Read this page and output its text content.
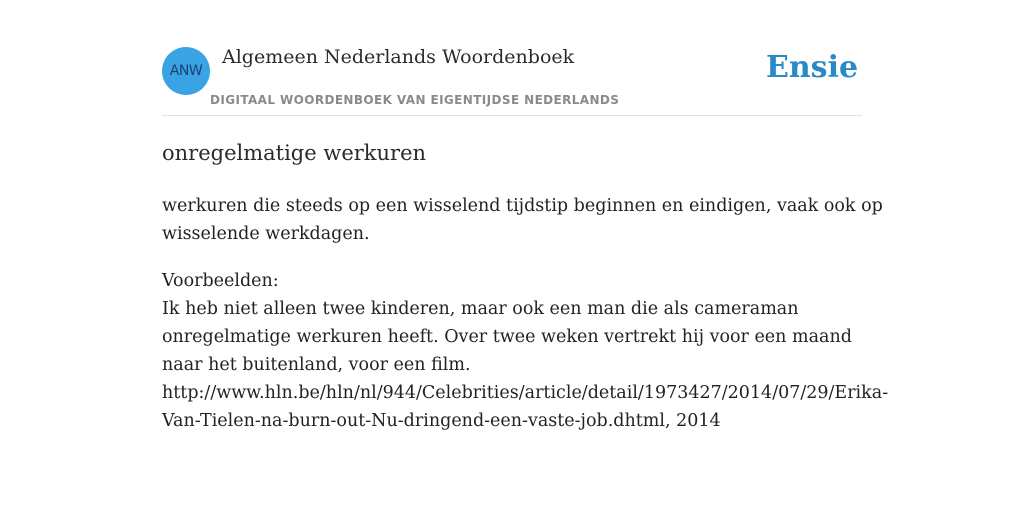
ANW
Algemeen Nederlands Woordenboek
DIGITAAL WOORDENBOEK VAN EIGENTIJDSE NEDERLANDS
Ensie
onregelmatige werkuren
werkuren die steeds op een wisselend tijdstip beginnen en eindigen, vaak ook op
wisselende werkdagen.
Voorbeelden:
Ik heb niet alleen twee kinderen, maar ook een man die als cameraman
onregelmatige werkuren heeft. Over twee weken vertrekt hij voor een maand
naar het buitenland, voor een film.
http://www.hln.be/hln/nl/944/Celebrities/article/detail/1973427/2014/07/29/Erika-
Van-Tielen-na-burn-out-Nu-dringend-een-vaste-job.dhtml, 2014
